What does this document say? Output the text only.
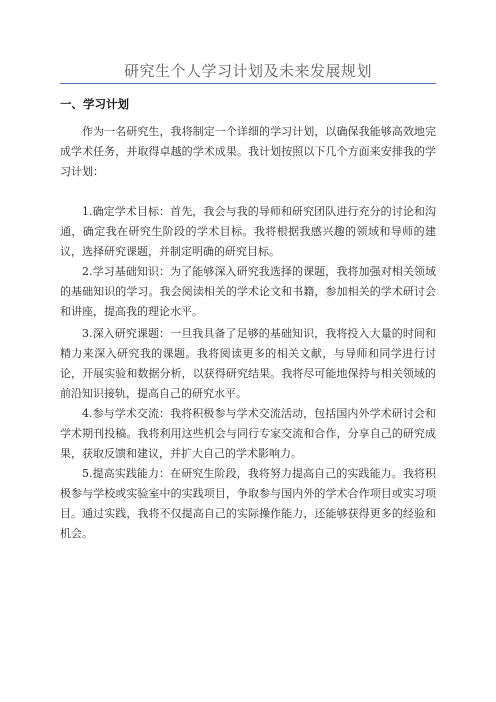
研究生个人学习计划及未来发展规划
一、学习计划
作为一名研究生，我将制定一个详细的学习计划，以确保我能够高效地完成学术任务，并取得卓越的学术成果。我计划按照以下几个方面来安排我的学习计划：
1.确定学术目标：首先，我会与我的导师和研究团队进行充分的讨论和沟通，确定我在研究生阶段的学术目标。我将根据我感兴趣的领域和导师的建议，选择研究课题，并制定明确的研究目标。
2.学习基础知识：为了能够深入研究我选择的课题，我将加强对相关领域的基础知识的学习。我会阅读相关的学术论文和书籍，参加相关的学术研讨会和讲座，提高我的理论水平。
3.深入研究课题：一旦我具备了足够的基础知识，我将投入大量的时间和精力来深入研究我的课题。我将阅读更多的相关文献，与导师和同学进行讨论，开展实验和数据分析，以获得研究结果。我将尽可能地保持与相关领域的前沿知识接轨，提高自己的研究水平。
4.参与学术交流：我将积极参与学术交流活动，包括国内外学术研讨会和学术期刊投稿。我将利用这些机会与同行专家交流和合作，分享自己的研究成果，获取反馈和建议，并扩大自己的学术影响力。
5.提高实践能力：在研究生阶段，我将努力提高自己的实践能力。我将积极参与学校或实验室中的实践项目，争取参与国内外的学术合作项目或实习项目。通过实践，我将不仅提高自己的实际操作能力，还能够获得更多的经验和机会。
